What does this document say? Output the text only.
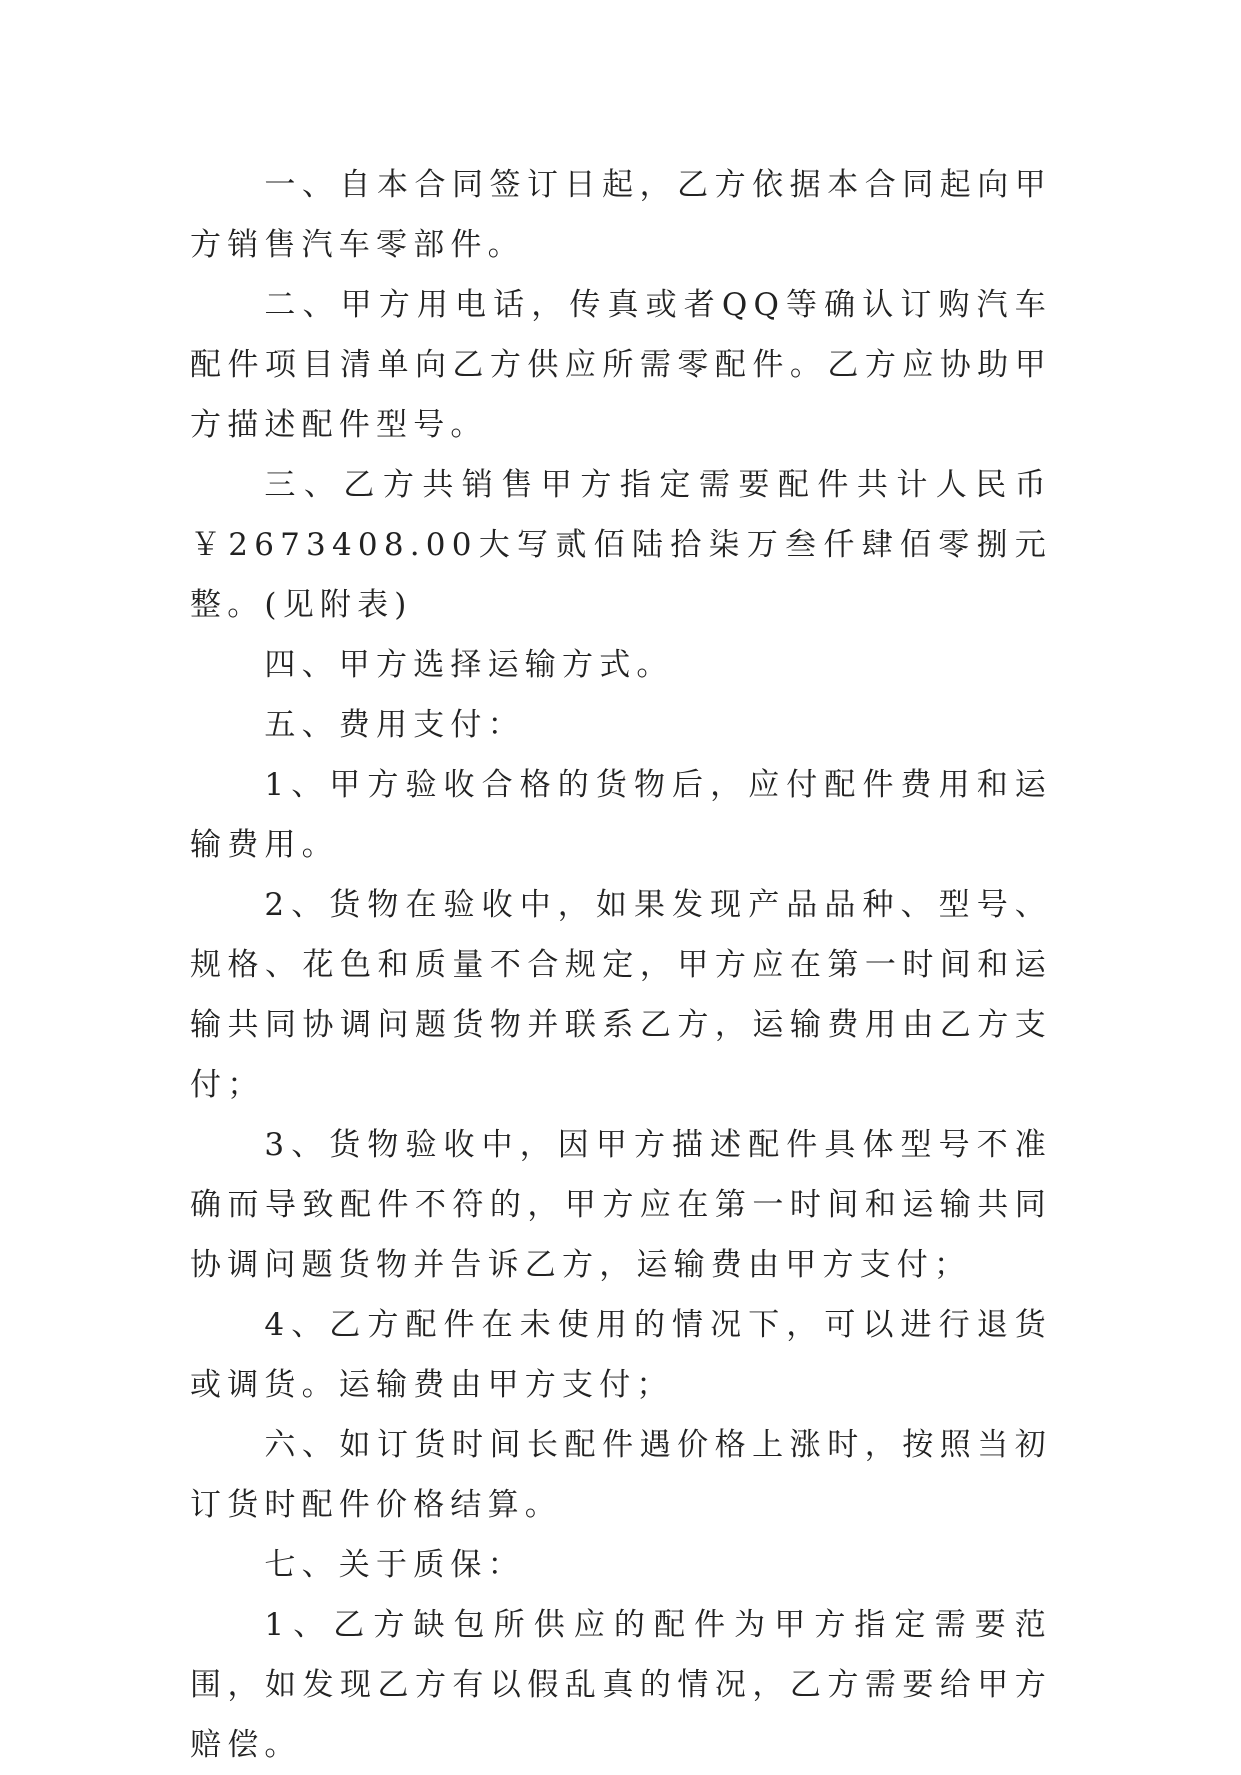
一、自本合同签订日起，乙方依据本合同起向甲方销售汽车零部件。

二、甲方用电话，传真或者QQ等确认订购汽车配件项目清单向乙方供应所需零配件。乙方应协助甲方描述配件型号。

三、乙方共销售甲方指定需要配件共计人民币￥2673408.00大写贰佰陆拾柒万叁仟肆佰零捌元整。(见附表)

四、甲方选择运输方式。

五、费用支付：

1、甲方验收合格的货物后，应付配件费用和运输费用。

2、货物在验收中，如果发现产品品种、型号、规格、花色和质量不合规定，甲方应在第一时间和运输共同协调问题货物并联系乙方，运输费用由乙方支付；

3、货物验收中，因甲方描述配件具体型号不准确而导致配件不符的，甲方应在第一时间和运输共同协调问题货物并告诉乙方，运输费由甲方支付；

4、乙方配件在未使用的情况下，可以进行退货或调货。运输费由甲方支付；

六、如订货时间长配件遇价格上涨时，按照当初订货时配件价格结算。

七、关于质保：

1、乙方缺包所供应的配件为甲方指定需要范围，如发现乙方有以假乱真的情况，乙方需要给甲方赔偿。
